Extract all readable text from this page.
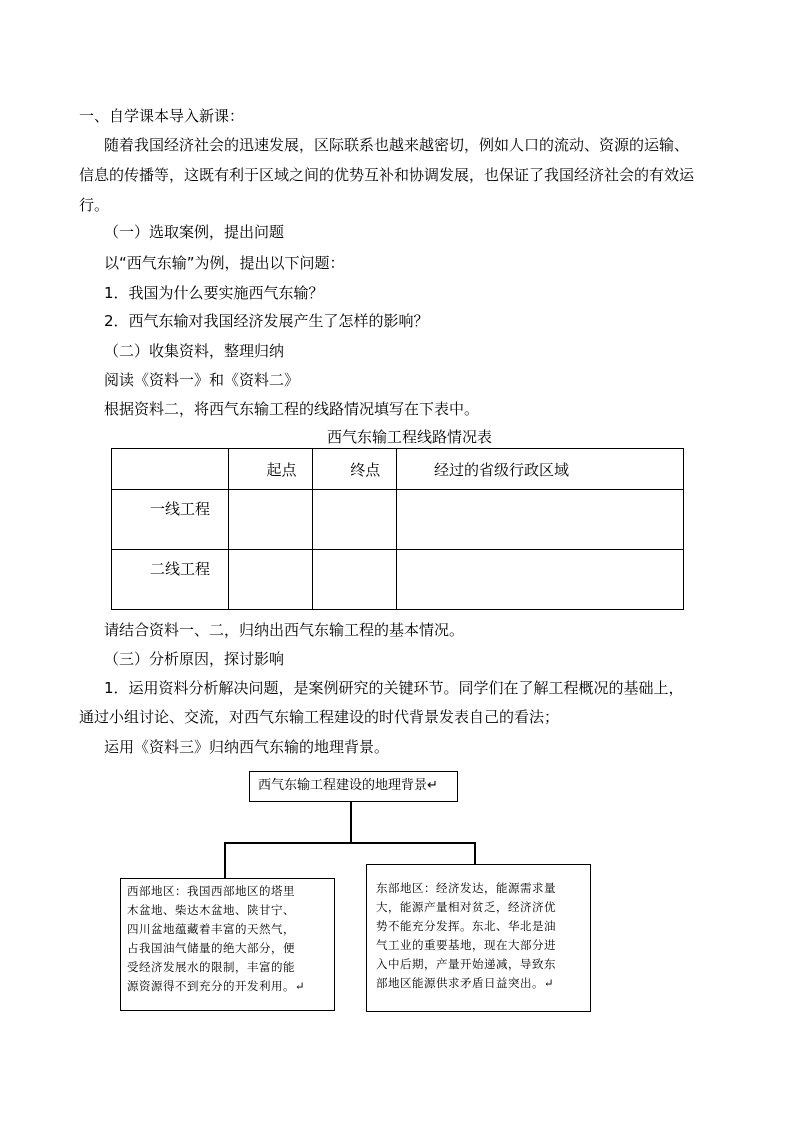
一、自学课本导入新课：
随着我国经济社会的迅速发展，区际联系也越来越密切，例如人口的流动、资源的运输、
信息的传播等，这既有利于区域之间的优势互补和协调发展，也保证了我国经济社会的有效运
行。
（一）选取案例，提出问题
以“西气东输”为例，提出以下问题：
1．我国为什么要实施西气东输？
2．西气东输对我国经济发展产生了怎样的影响？
（二）收集资料，整理归纳
阅读《资料一》和《资料二》
根据资料二，将西气东输工程的线路情况填写在下表中。
西气东输工程线路情况表

	起点	终点	经过的省级行政区域

一线工程			

二线工程			

请结合资料一、二，归纳出西气东输工程的基本情况。
（三）分析原因，探讨影响
1．运用资料分析解决问题，是案例研究的关键环节。同学们在了解工程概况的基础上，
通过小组讨论、交流，对西气东输工程建设的时代背景发表自己的看法；
运用《资料三》归纳西气东输的地理背景。
西气东输工程建设的地理背景↵
西部地区：我国西部地区的塔里
木盆地、柴达木盆地、陕甘宁、
四川盆地蕴藏着丰富的天然气，
占我国油气储量的绝大部分，便
受经济发展水的限制，丰富的能
源资源得不到充分的开发利用。↵
东部地区：经济发达，能源需求量
大，能源产量相对贫乏，经济济优
势不能充分发挥。东北、华北是油
气工业的重要基地，现在大部分进
入中后期，产量开始递减，导致东
部地区能源供求矛盾日益突出。↵
